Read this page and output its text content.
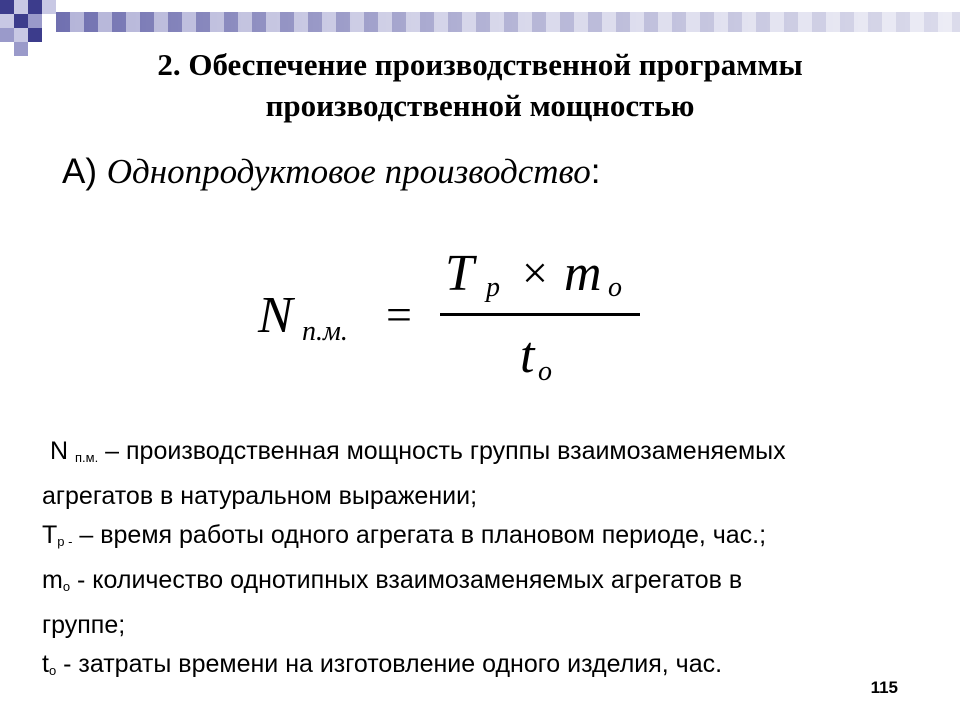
2. Обеспечение производственной программы
производственной мощностью
А) Однопродуктовое производство:
N п.м. =
T р × m о
t о
N $_{п.м.}$ – производственная мощность группы взаимозаменяемых
агрегатов в натуральном выражении;
$Т_{р -}$ – время работы одного агрегата в плановом периоде, час.;
$m_о$ - количество однотипных взаимозаменяемых агрегатов в
группе;
$t_о$ - затраты времени на изготовление одного изделия, час.
115
